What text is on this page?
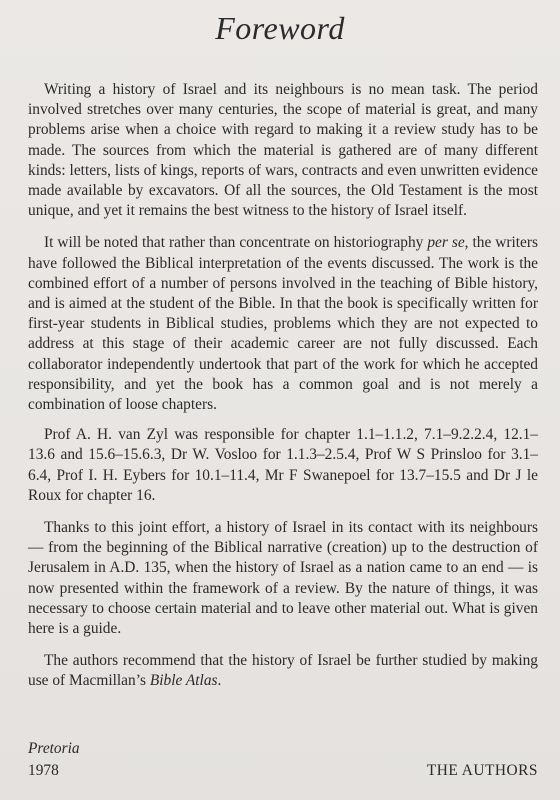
Foreword

Writing a history of Israel and its neighbours is no mean task. The period involved stretches over many centuries, the scope of material is great, and many problems arise when a choice with regard to making it a review study has to be made. The sources from which the material is gathered are of many different kinds: letters, lists of kings, reports of wars, contracts and even unwritten evidence made available by excavators. Of all the sources, the Old Testament is the most unique, and yet it remains the best witness to the history of Israel itself.

It will be noted that rather than concentrate on historiography per se, the writers have followed the Biblical interpretation of the events discussed. The work is the combined effort of a number of persons involved in the teaching of Bible history, and is aimed at the student of the Bible. In that the book is specifically written for first-year students in Biblical studies, problems which they are not expected to address at this stage of their academic career are not fully discussed. Each collaborator independently undertook that part of the work for which he accepted responsibility, and yet the book has a common goal and is not merely a combination of loose chapters.

Prof A. H. van Zyl was responsible for chapter 1.1–1.1.2, 7.1–9.2.2.4, 12.1–13.6 and 15.6–15.6.3, Dr W. Vosloo for 1.1.3–2.5.4, Prof W S Prinsloo for 3.1–6.4, Prof I. H. Eybers for 10.1–11.4, Mr F Swanepoel for 13.7–15.5 and Dr J le Roux for chapter 16.

Thanks to this joint effort, a history of Israel in its contact with its neighbours — from the beginning of the Biblical narrative (creation) up to the destruction of Jerusalem in A.D. 135, when the history of Israel as a nation came to an end — is now presented within the framework of a review. By the nature of things, it was necessary to choose certain material and to leave other material out. What is given here is a guide.

The authors recommend that the history of Israel be further studied by making use of Macmillan’s Bible Atlas.

Pretoria
1978	THE AUTHORS
